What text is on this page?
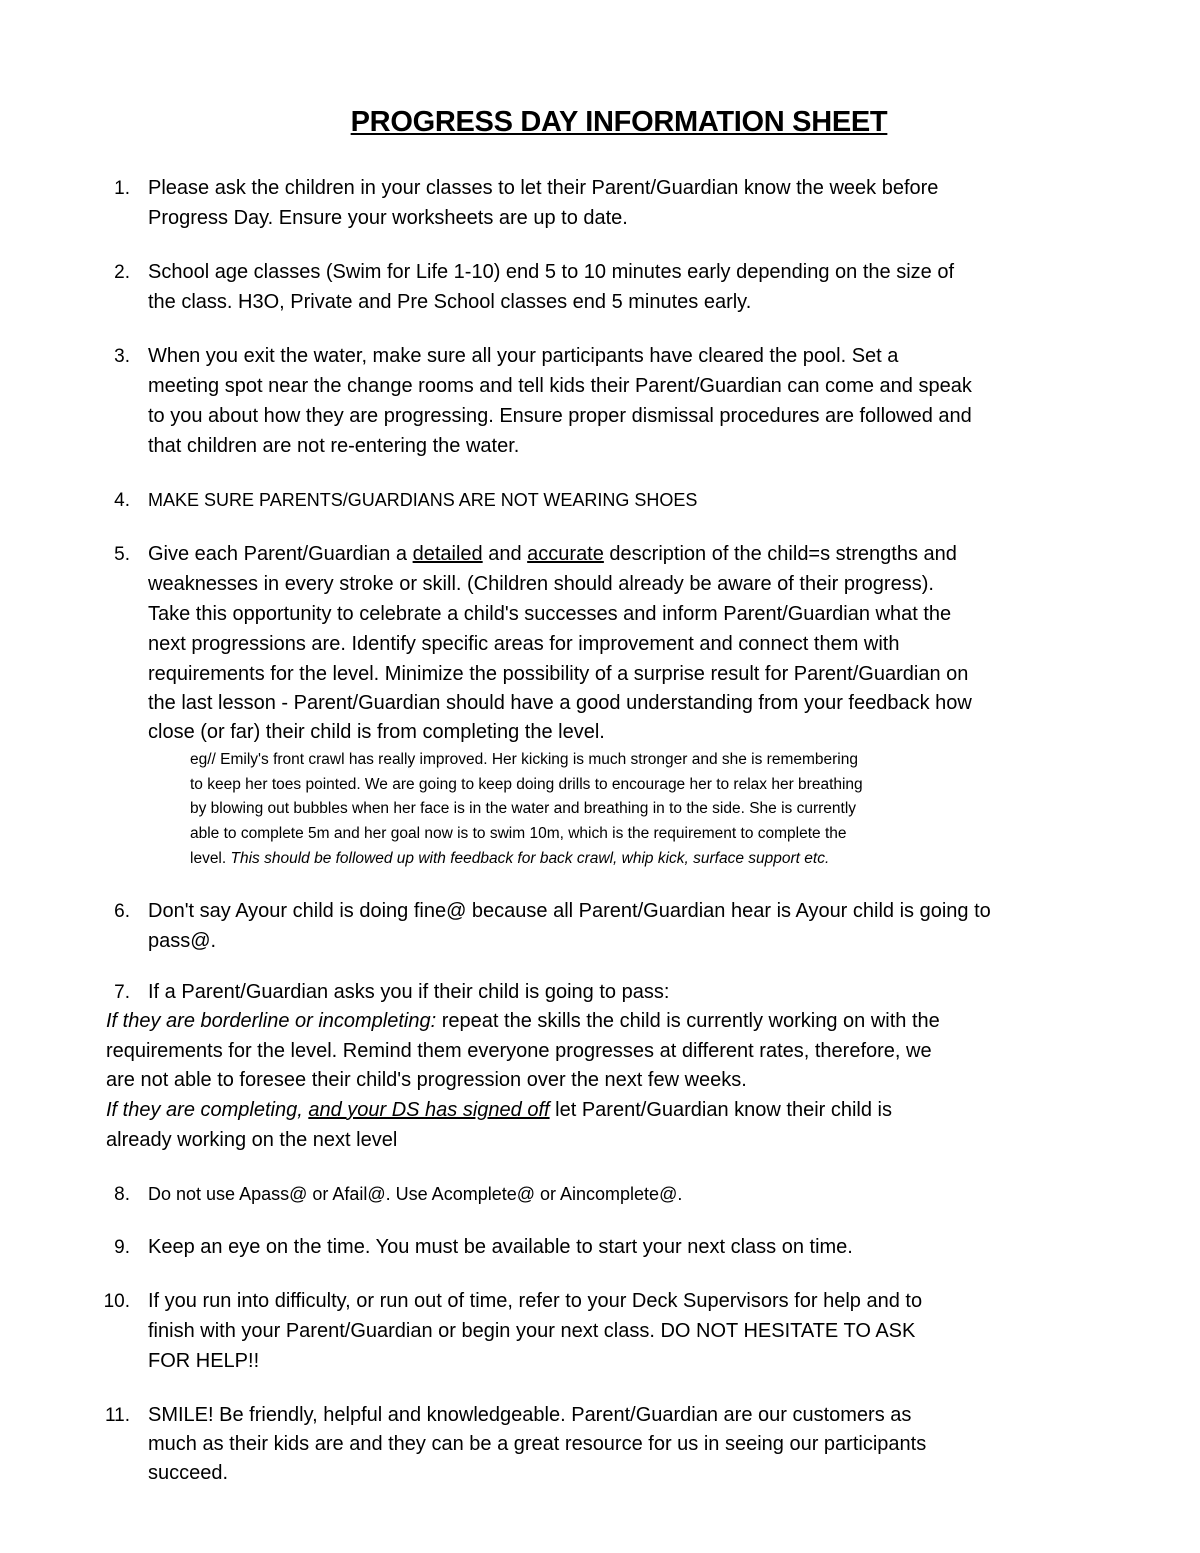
PROGRESS DAY INFORMATION SHEET
1. Please ask the children in your classes to let their Parent/Guardian know the week before
Progress Day. Ensure your worksheets are up to date.
2. School age classes (Swim for Life 1-10) end 5 to 10 minutes early depending on the size of
the class. H3O, Private and Pre School classes end 5 minutes early.
3. When you exit the water, make sure all your participants have cleared the pool. Set a
meeting spot near the change rooms and tell kids their Parent/Guardian can come and speak
to you about how they are progressing. Ensure proper dismissal procedures are followed and
that children are not re-entering the water.
4. MAKE SURE PARENTS/GUARDIANS ARE NOT WEARING SHOES
5. Give each Parent/Guardian a detailed and accurate description of the child=s strengths and
weaknesses in every stroke or skill. (Children should already be aware of their progress).
Take this opportunity to celebrate a child's successes and inform Parent/Guardian what the
next progressions are. Identify specific areas for improvement and connect them with
requirements for the level. Minimize the possibility of a surprise result for Parent/Guardian on
the last lesson - Parent/Guardian should have a good understanding from your feedback how
close (or far) their child is from completing the level.
eg// Emily's front crawl has really improved. Her kicking is much stronger and she is remembering
to keep her toes pointed. We are going to keep doing drills to encourage her to relax her breathing
by blowing out bubbles when her face is in the water and breathing in to the side. She is currently
able to complete 5m and her goal now is to swim 10m, which is the requirement to complete the
level. This should be followed up with feedback for back crawl, whip kick, surface support etc.
6. Don't say Ayour child is doing fine@ because all Parent/Guardian hear is Ayour child is going to
pass@.
7. If a Parent/Guardian asks you if their child is going to pass:
If they are borderline or incompleting: repeat the skills the child is currently working on with the
requirements for the level. Remind them everyone progresses at different rates, therefore, we
are not able to foresee their child's progression over the next few weeks.
If they are completing, and your DS has signed off let Parent/Guardian know their child is
already working on the next level
8. Do not use Apass@ or Afail@. Use Acomplete@ or Aincomplete@.
9. Keep an eye on the time. You must be available to start your next class on time.
10. If you run into difficulty, or run out of time, refer to your Deck Supervisors for help and to
finish with your Parent/Guardian or begin your next class. DO NOT HESITATE TO ASK
FOR HELP!!
11. SMILE! Be friendly, helpful and knowledgeable. Parent/Guardian are our customers as
much as their kids are and they can be a great resource for us in seeing our participants
succeed.
